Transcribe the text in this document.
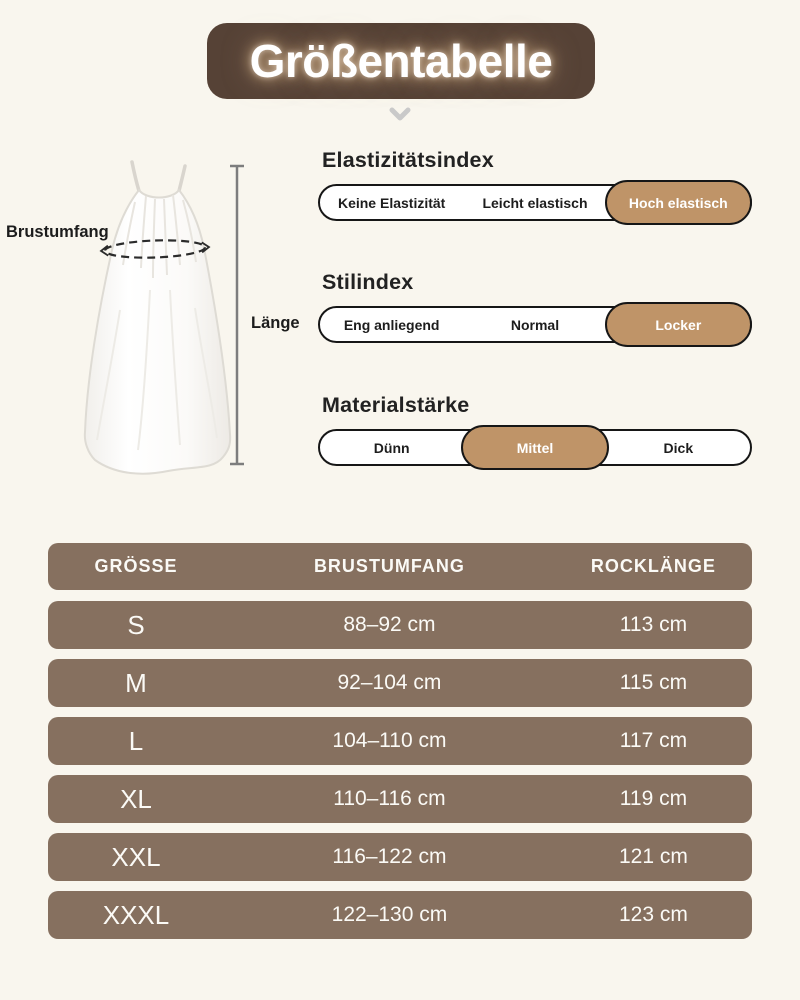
Größentabelle
Brustumfang
Länge
Elastizitätsindex
Keine Elastizität	Leicht elastisch	Hoch elastisch
Stilindex
Eng anliegend	Normal	Locker
Materialstärke
Dünn	Mittel	Dick
GRÖSSE	BRUSTUMFANG	ROCKLÄNGE
S	88–92 cm	113 cm
M	92–104 cm	115 cm
L	104–110 cm	117 cm
XL	110–116 cm	119 cm
XXL	116–122 cm	121 cm
XXXL	122–130 cm	123 cm
